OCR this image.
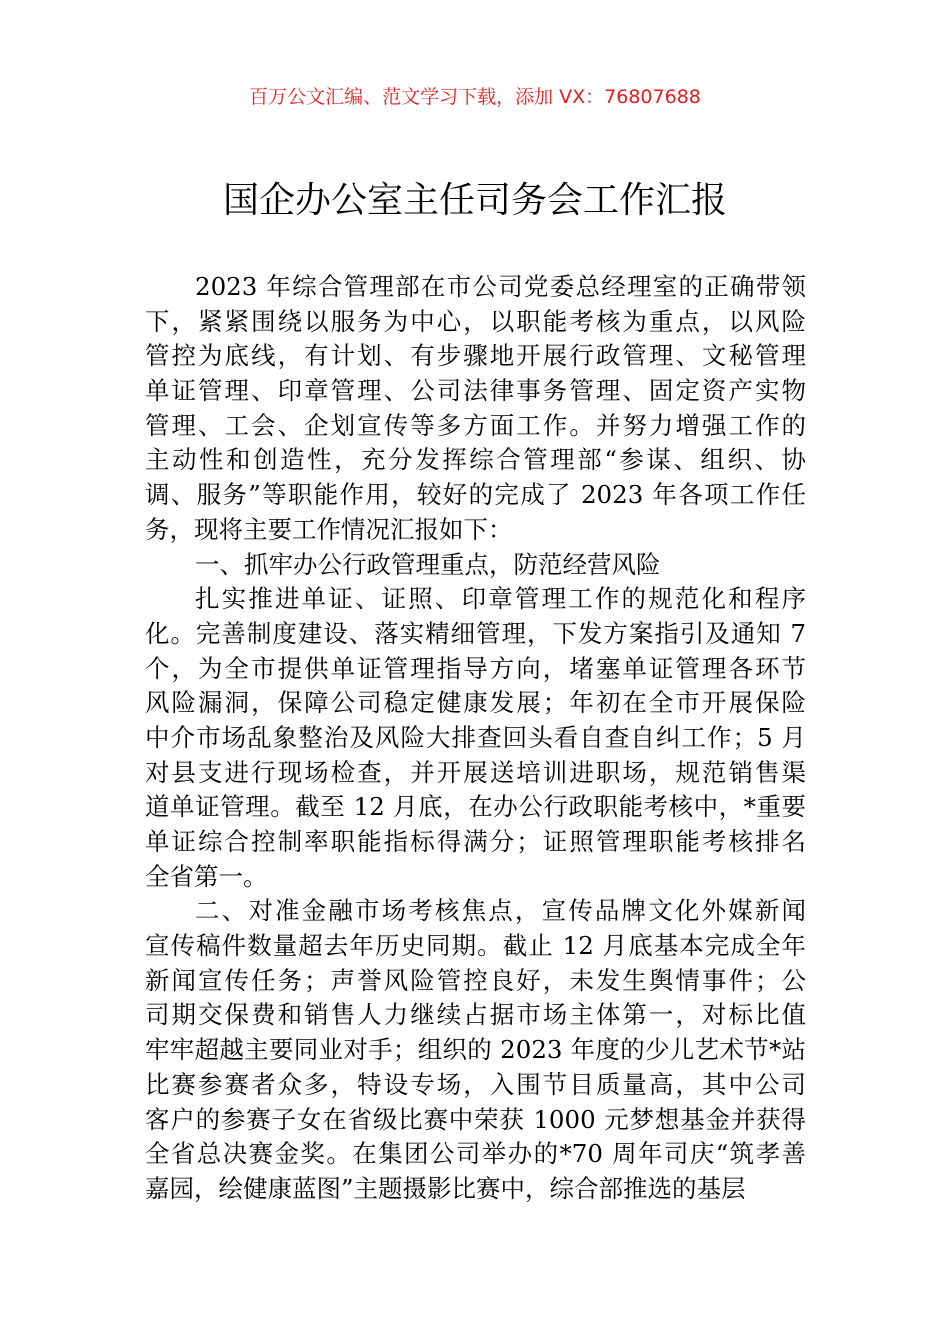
百万公文汇编、范文学习下载，添加 VX：76807688
国企办公室主任司务会工作汇报
2023 年综合管理部在市公司党委总经理室的正确带领
下，紧紧围绕以服务为中心，以职能考核为重点，以风险
管控为底线，有计划、有步骤地开展行政管理、文秘管理
单证管理、印章管理、公司法律事务管理、固定资产实物
管理、工会、企划宣传等多方面工作。并努力增强工作的
主动性和创造性，充分发挥综合管理部“参谋、组织、协
调、服务”等职能作用，较好的完成了 2023 年各项工作任
务，现将主要工作情况汇报如下：
一、抓牢办公行政管理重点，防范经营风险
扎实推进单证、证照、印章管理工作的规范化和程序
化。完善制度建设、落实精细管理，下发方案指引及通知 7
个，为全市提供单证管理指导方向，堵塞单证管理各环节
风险漏洞，保障公司稳定健康发展；年初在全市开展保险
中介市场乱象整治及风险大排查回头看自查自纠工作；5 月
对县支进行现场检查，并开展送培训进职场，规范销售渠
道单证管理。截至 12 月底，在办公行政职能考核中，*重要
单证综合控制率职能指标得满分；证照管理职能考核排名
全省第一。
二、对准金融市场考核焦点，宣传品牌文化外媒新闻
宣传稿件数量超去年历史同期。截止 12 月底基本完成全年
新闻宣传任务；声誉风险管控良好，未发生舆情事件；公
司期交保费和销售人力继续占据市场主体第一，对标比值
牢牢超越主要同业对手；组织的 2023 年度的少儿艺术节*站
比赛参赛者众多，特设专场，入围节目质量高，其中公司
客户的参赛子女在省级比赛中荣获 1000 元梦想基金并获得
全省总决赛金奖。在集团公司举办的*70 周年司庆“筑孝善
嘉园，绘健康蓝图”主题摄影比赛中，综合部推选的基层
